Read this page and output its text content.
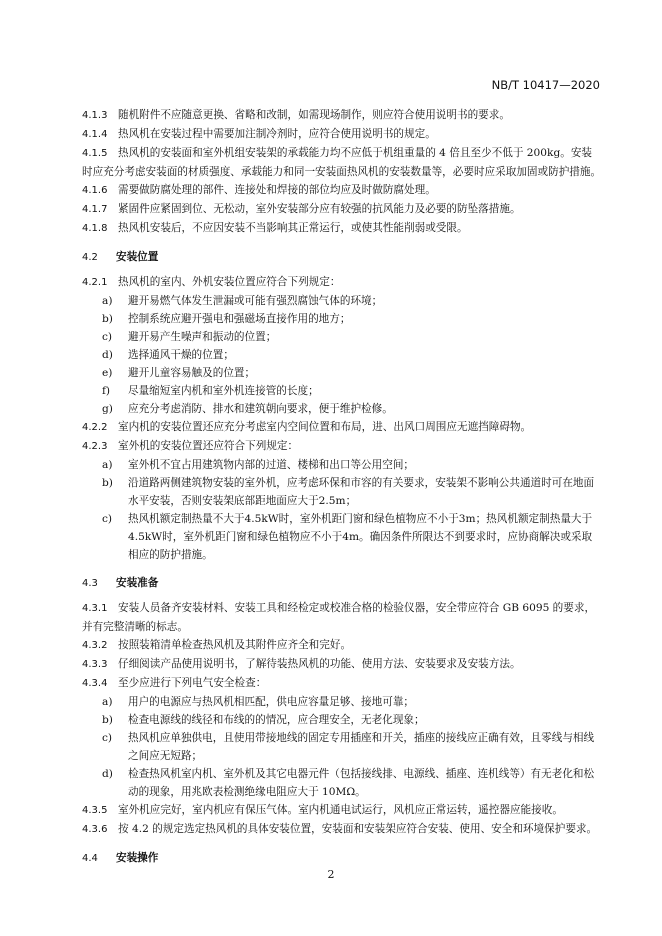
NB/T 10417—2020

4.1.3 随机附件不应随意更换、省略和改制，如需现场制作，则应符合使用说明书的要求。

4.1.4 热风机在安装过程中需要加注制冷剂时，应符合使用说明书的规定。

4.1.5 热风机的安装面和室外机组安装架的承载能力均不应低于机组重量的 4 倍且至少不低于 200kg。安装时应充分考虑安装面的材质强度、承载能力和同一安装面热风机的安装数量等，必要时应采取加固或防护措施。

4.1.6 需要做防腐处理的部件、连接处和焊接的部位均应及时做防腐处理。

4.1.7 紧固件应紧固到位、无松动，室外安装部分应有较强的抗风能力及必要的防坠落措施。

4.1.8 热风机安装后，不应因安装不当影响其正常运行，或使其性能削弱或受限。

4.2 安装位置

4.2.1 热风机的室内、外机安装位置应符合下列规定：

a) 避开易燃气体发生泄漏或可能有强烈腐蚀气体的环境；

b) 控制系统应避开强电和强磁场直接作用的地方；

c) 避开易产生噪声和振动的位置；

d) 选择通风干燥的位置；

e) 避开儿童容易触及的位置；

f) 尽量缩短室内机和室外机连接管的长度；

g) 应充分考虑消防、排水和建筑朝向要求，便于维护检修。

4.2.2 室内机的安装位置还应充分考虑室内空间位置和布局，进、出风口周围应无遮挡障碍物。

4.2.3 室外机的安装位置还应符合下列规定：

a) 室外机不宜占用建筑物内部的过道、楼梯和出口等公用空间；

b) 沿道路两侧建筑物安装的室外机，应考虑环保和市容的有关要求，安装架不影响公共通道时可在地面水平安装，否则安装架底部距地面应大于2.5m；

c) 热风机额定制热量不大于4.5kW时，室外机距门窗和绿色植物应不小于3m；热风机额定制热量大于4.5kW时，室外机距门窗和绿色植物应不小于4m。确因条件所限达不到要求时，应协商解决或采取相应的防护措施。

4.3 安装准备

4.3.1 安装人员备齐安装材料、安装工具和经检定或校准合格的检验仪器，安全带应符合 GB 6095 的要求，并有完整清晰的标志。

4.3.2 按照装箱清单检查热风机及其附件应齐全和完好。

4.3.3 仔细阅读产品使用说明书，了解待装热风机的功能、使用方法、安装要求及安装方法。

4.3.4 至少应进行下列电气安全检查：

a) 用户的电源应与热风机相匹配，供电应容量足够、接地可靠；

b) 检查电源线的线径和布线的的情况，应合理安全，无老化现象；

c) 热风机应单独供电，且使用带接地线的固定专用插座和开关，插座的接线应正确有效，且零线与相线之间应无短路；

d) 检查热风机室内机、室外机及其它电器元件（包括接线排、电源线、插座、连机线等）有无老化和松动的现象，用兆欧表检测绝缘电阻应大于 10MΩ。

4.3.5 室外机应完好，室内机应有保压气体。室内机通电试运行，风机应正常运转，遥控器应能接收。

4.3.6 按 4.2 的规定选定热风机的具体安装位置，安装面和安装架应符合安装、使用、安全和环境保护要求。

4.4 安装操作
2
